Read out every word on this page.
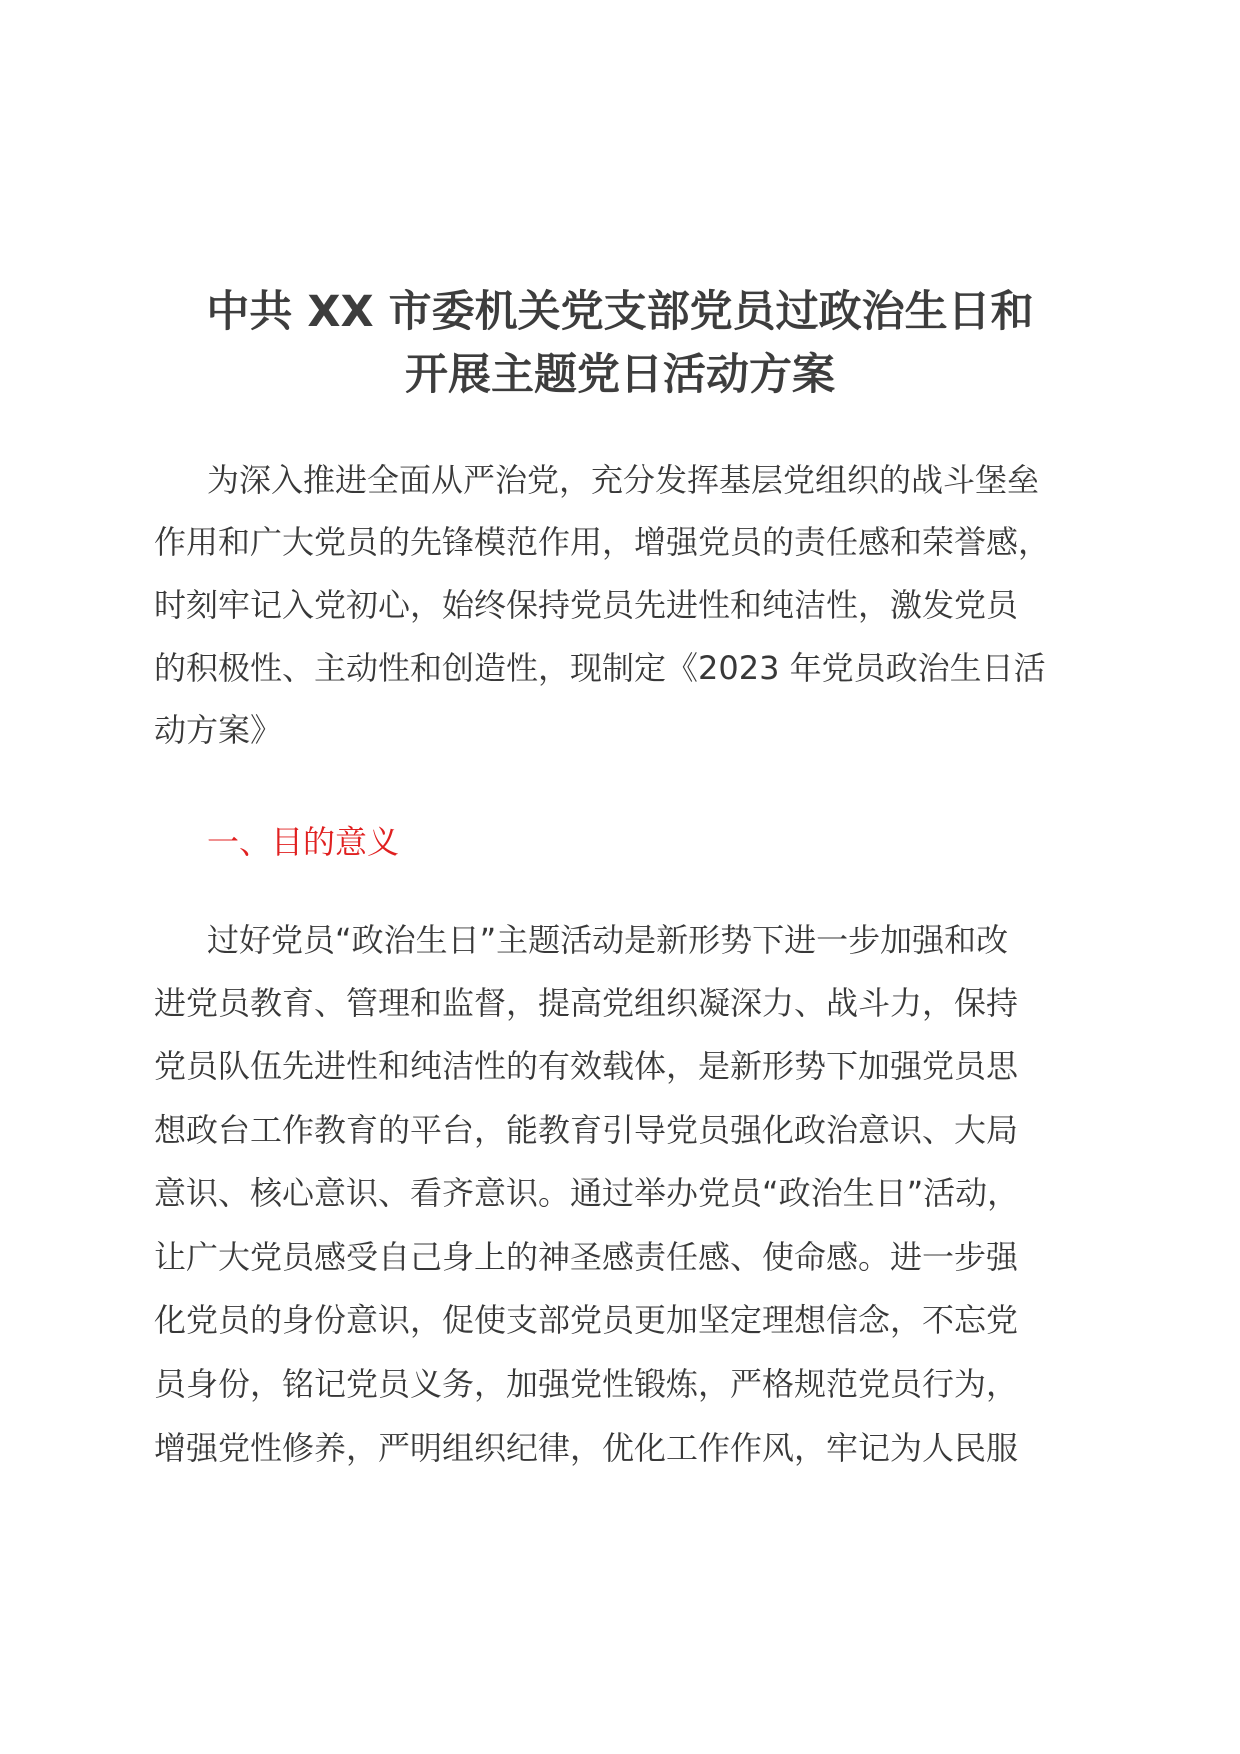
中共 XX 市委机关党支部党员过政治生日和
开展主题党日活动方案
为深入推进全面从严治党，充分发挥基层党组织的战斗堡垒
作用和广大党员的先锋模范作用，增强党员的责任感和荣誉感，
时刻牢记入党初心，始终保持党员先进性和纯洁性，激发党员
的积极性、主动性和创造性，现制定《2023 年党员政治生日活
动方案》
一、目的意义
过好党员“政治生日”主题活动是新形势下进一步加强和改
进党员教育、管理和监督，提高党组织凝深力、战斗力，保持
党员队伍先进性和纯洁性的有效载体，是新形势下加强党员思
想政台工作教育的平台，能教育引导党员强化政治意识、大局
意识、核心意识、看齐意识。通过举办党员“政治生日”活动，
让广大党员感受自己身上的神圣感责任感、使命感。进一步强
化党员的身份意识，促使支部党员更加坚定理想信念，不忘党
员身份，铭记党员义务，加强党性锻炼，严格规范党员行为，
增强党性修养，严明组织纪律，优化工作作风，牢记为人民服
